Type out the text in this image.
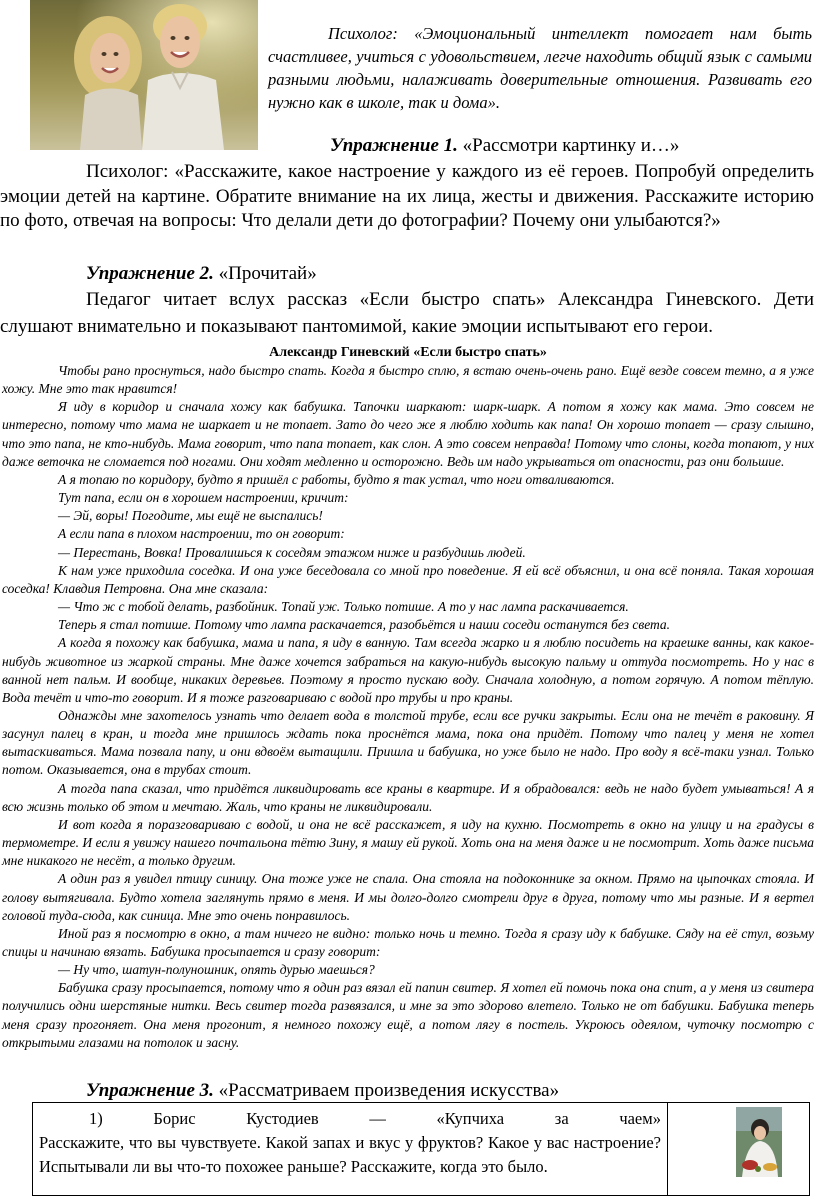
Психолог: «Эмоциональный интеллект помогает нам быть счастливее, учиться с удовольствием, легче находить общий язык с самыми разными людьми, налаживать доверительные отношения. Развивать его нужно как в школе, так и дома».

Упражнение 1. «Рассмотри картинку и…»

Психолог: «Расскажите, какое настроение у каждого из её героев. Попробуй определить эмоции детей на картине. Обратите внимание на их лица, жесты и движения. Расскажите историю по фото, отвечая на вопросы: Что делали дети до фотографии? Почему они улыбаются?»

Упражнение 2. «Прочитай»

Педагог читает вслух рассказ «Если быстро спать» Александра Гиневского. Дети слушают внимательно и показывают пантомимой, какие эмоции испытывают его герои.

Александр Гиневский «Если быстро спать»

Чтобы рано проснуться, надо быстро спать. Когда я быстро сплю, я встаю очень-очень рано. Ещё везде совсем темно, а я уже хожу. Мне это так нравится!

Я иду в коридор и сначала хожу как бабушка. Тапочки шаркают: шарк-шарк. А потом я хожу как мама. Это совсем не интересно, потому что мама не шаркает и не топает. Зато до чего же я люблю ходить как папа! Он хорошо топает — сразу слышно, что это папа, не кто-нибудь. Мама говорит, что папа топает, как слон. А это совсем неправда! Потому что слоны, когда топают, у них даже веточка не сломается под ногами. Они ходят медленно и осторожно. Ведь им надо укрываться от опасности, раз они большие.

А я топаю по коридору, будто я пришёл с работы, будто я так устал, что ноги отваливаются.

Тут папа, если он в хорошем настроении, кричит:

— Эй, воры! Погодите, мы ещё не выспались!

А если папа в плохом настроении, то он говорит:

— Перестань, Вовка! Провалишься к соседям этажом ниже и разбудишь людей.

К нам уже приходила соседка. И она уже беседовала со мной про поведение. Я ей всё объяснил, и она всё поняла. Такая хорошая соседка! Клавдия Петровна. Она мне сказала:

— Что ж с тобой делать, разбойник. Топай уж. Только потише. А то у нас лампа раскачивается.

Теперь я стал потише. Потому что лампа раскачается, разобьётся и наши соседи останутся без света.

А когда я похожу как бабушка, мама и папа, я иду в ванную. Там всегда жарко и я люблю посидеть на краешке ванны, как какое-нибудь животное из жаркой страны. Мне даже хочется забраться на какую-нибудь высокую пальму и оттуда посмотреть. Но у нас в ванной нет пальм. И вообще, никаких деревьев. Поэтому я просто пускаю воду. Сначала холодную, а потом горячую. А потом тёплую. Вода течёт и что-то говорит. И я тоже разговариваю с водой про трубы и про краны.

Однажды мне захотелось узнать что делает вода в толстой трубе, если все ручки закрыты. Если она не течёт в раковину. Я засунул палец в кран, и тогда мне пришлось ждать пока проснётся мама, пока она придёт. Потому что палец у меня не хотел вытаскиваться. Мама позвала папу, и они вдвоём вытащили. Пришла и бабушка, но уже было не надо. Про воду я всё-таки узнал. Только потом. Оказывается, она в трубах стоит.

А тогда папа сказал, что придётся ликвидировать все краны в квартире. И я обрадовался: ведь не надо будет умываться! А я всю жизнь только об этом и мечтаю. Жаль, что краны не ликвидировали.

И вот когда я поразговариваю с водой, и она не всё расскажет, я иду на кухню. Посмотреть в окно на улицу и на градусы в термометре. И если я увижу нашего почтальона тётю Зину, я машу ей рукой. Хоть она на меня даже и не посмотрит. Хоть даже письма мне никакого не несёт, а только другим.

А один раз я увидел птицу синицу. Она тоже уже не спала. Она стояла на подоконнике за окном. Прямо на цыпочках стояла. И голову вытягивала. Будто хотела заглянуть прямо в меня. И мы долго-долго смотрели друг в друга, потому что мы разные. И я вертел головой туда-сюда, как синица. Мне это очень понравилось.

Иной раз я посмотрю в окно, а там ничего не видно: только ночь и темно. Тогда я сразу иду к бабушке. Сяду на её стул, возьму спицы и начинаю вязать. Бабушка просыпается и сразу говорит:

— Ну что, шатун-полуношник, опять дурью маешься?

Бабушка сразу просыпается, потому что я один раз вязал ей папин свитер. Я хотел ей помочь пока она спит, а у меня из свитера получились одни шерстяные нитки. Весь свитер тогда развязался, и мне за это здорово влетело. Только не от бабушки. Бабушка теперь меня сразу прогоняет. Она меня прогонит, я немного похожу ещё, а потом лягу в постель. Укроюсь одеялом, чуточку посмотрю с открытыми глазами на потолок и засну.

Упражнение 3. «Рассматриваем произведения искусства»

1)	Борис	Кустодиев	—	«Купчиха	за	чаем»
Расскажите, что вы чувствуете. Какой запах и вкус у фруктов? Какое у вас настроение? Испытывали ли вы что-то похожее раньше? Расскажите, когда это было.
